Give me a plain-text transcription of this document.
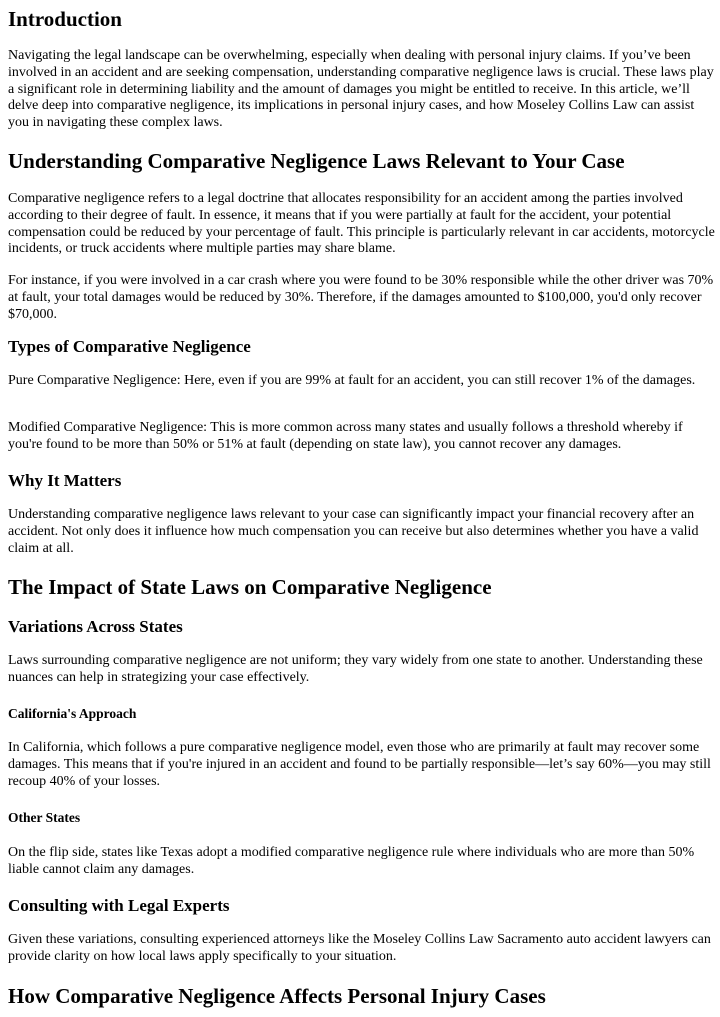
Introduction

Navigating the legal landscape can be overwhelming, especially when dealing with personal injury claims. If you’ve been involved in an accident and are seeking compensation, understanding comparative negligence laws is crucial. These laws play a significant role in determining liability and the amount of damages you might be entitled to receive. In this article, we’ll delve deep into comparative negligence, its implications in personal injury cases, and how Moseley Collins Law can assist you in navigating these complex laws.

Understanding Comparative Negligence Laws Relevant to Your Case

Comparative negligence refers to a legal doctrine that allocates responsibility for an accident among the parties involved according to their degree of fault. In essence, it means that if you were partially at fault for the accident, your potential compensation could be reduced by your percentage of fault. This principle is particularly relevant in car accidents, motorcycle incidents, or truck accidents where multiple parties may share blame.

For instance, if you were involved in a car crash where you were found to be 30% responsible while the other driver was 70% at fault, your total damages would be reduced by 30%. Therefore, if the damages amounted to $100,000, you'd only recover $70,000.

Types of Comparative Negligence

Pure Comparative Negligence: Here, even if you are 99% at fault for an accident, you can still recover 1% of the damages.

Modified Comparative Negligence: This is more common across many states and usually follows a threshold whereby if you're found to be more than 50% or 51% at fault (depending on state law), you cannot recover any damages.

Why It Matters

Understanding comparative negligence laws relevant to your case can significantly impact your financial recovery after an accident. Not only does it influence how much compensation you can receive but also determines whether you have a valid claim at all.

The Impact of State Laws on Comparative Negligence
Variations Across States

Laws surrounding comparative negligence are not uniform; they vary widely from one state to another. Understanding these nuances can help in strategizing your case effectively.

California's Approach

In California, which follows a pure comparative negligence model, even those who are primarily at fault may recover some damages. This means that if you're injured in an accident and found to be partially responsible—let’s say 60%—you may still recoup 40% of your losses.

Other States

On the flip side, states like Texas adopt a modified comparative negligence rule where individuals who are more than 50% liable cannot claim any damages.

Consulting with Legal Experts

Given these variations, consulting experienced attorneys like the Moseley Collins Law Sacramento auto accident lawyers can provide clarity on how local laws apply specifically to your situation.

How Comparative Negligence Affects Personal Injury Cases
